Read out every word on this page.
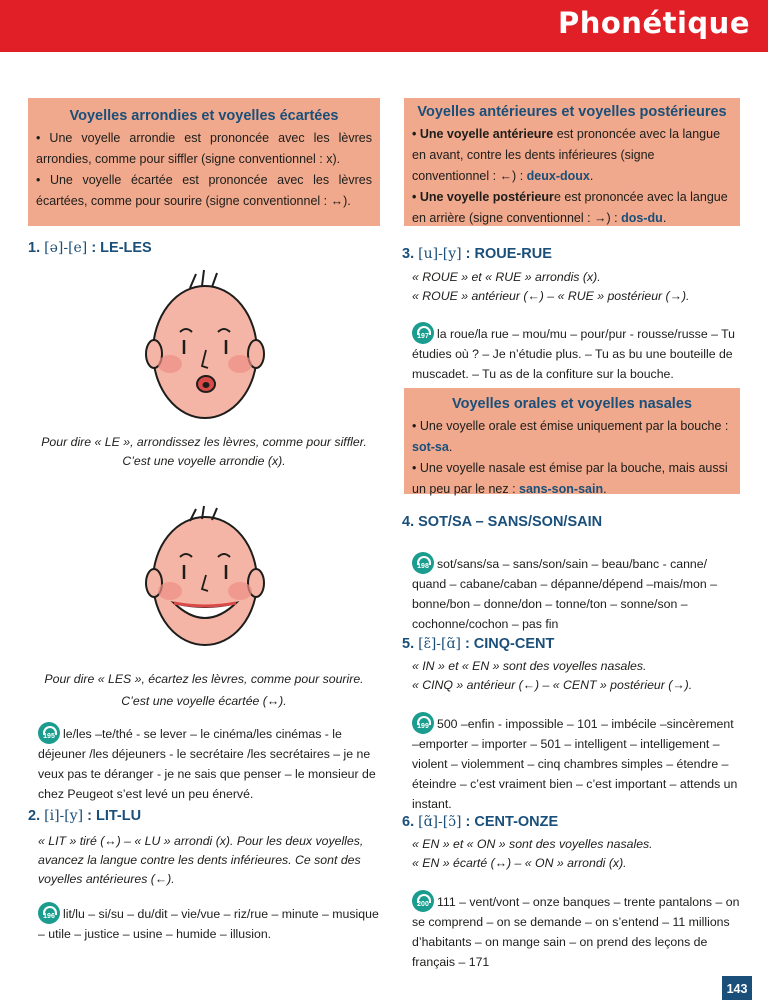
Phonétique
Voyelles arrondies et voyelles écartées

• Une voyelle arrondie est prononcée avec les lèvres arrondies, comme pour siffler (signe conventionnel : x).

• Une voyelle écartée est prononcée avec les lèvres écartées, comme pour sourire (signe conventionnel : ↔).

1. [ə]-[e] : LE-LES
Pour dire « LE », arrondissez les lèvres, comme pour siffler.
C’est une voyelle arrondie (x).
Pour dire « LES », écartez les lèvres, comme pour sourire.
C’est une voyelle écartée (↔).
195 le/les –te/thé - se lever – le cinéma/les cinémas - le déjeuner /les déjeuners - le secrétaire /les secrétaires – je ne veux pas te déranger - je ne sais que penser – le monsieur de chez Peugeot s’est levé un peu énervé.
2. [i]-[y] : LIT-LU
« LIT » tiré (↔) – « LU » arrondi (x). Pour les deux voyelles, avancez la langue contre les dents inférieures. Ce sont des voyelles antérieures (←).
196 lit/lu – si/su – du/dit – vie/vue – riz/rue – minute – musique – utile – justice – usine – humide – illusion.
Voyelles antérieures et voyelles postérieures

• Une voyelle antérieure est prononcée avec la langue en avant, contre les dents inférieures (signe conventionnel : ←) : deux-doux.

• Une voyelle postérieure est prononcée avec la langue en arrière (signe conventionnel : →) : dos-du.

3. [u]-[y] : ROUE-RUE
« ROUE » et « RUE » arrondis (x).
« ROUE » antérieur (←) – « RUE » postérieur (→).
197 la roue/la rue – mou/mu – pour/pur - rousse/russe – Tu étudies où ? – Je n’étudie plus. – Tu as bu une bouteille de muscadet. – Tu as de la confiture sur la bouche.
Voyelles orales et voyelles nasales

• Une voyelle orale est émise uniquement par la bouche : sot-sa.

• Une voyelle nasale est émise par la bouche, mais aussi un peu par le nez : sans-son-sain.

4. SOT/SA – SANS/SON/SAIN
198 sot/sans/sa – sans/son/sain – beau/banc - canne/ quand – cabane/caban – dépanne/dépend –mais/mon – bonne/bon – donne/don – tonne/ton – sonne/son – cochonne/cochon – pas fin
5. [ɛ̃]-[ɑ̃] : CINQ-CENT
« IN » et « EN » sont des voyelles nasales.
« CINQ » antérieur (←) – « CENT » postérieur (→).
199 500 –enfin - impossible – 101 – imbécile –sincèrement –emporter – importer – 501 – intelligent – intelligement –violent – violemment – cinq chambres simples – étendre – éteindre – c’est vraiment bien – c’est important – attends un instant.
6. [ɑ̃]-[ɔ̃] : CENT-ONZE
« EN » et « ON » sont des voyelles nasales.
« EN » écarté (↔) – « ON » arrondi (x).
200 111 – vent/vont – onze banques – trente pantalons – on se comprend – on se demande – on s’entend – 11 millions d’habitants – on mange sain – on prend des leçons de français – 171
143
